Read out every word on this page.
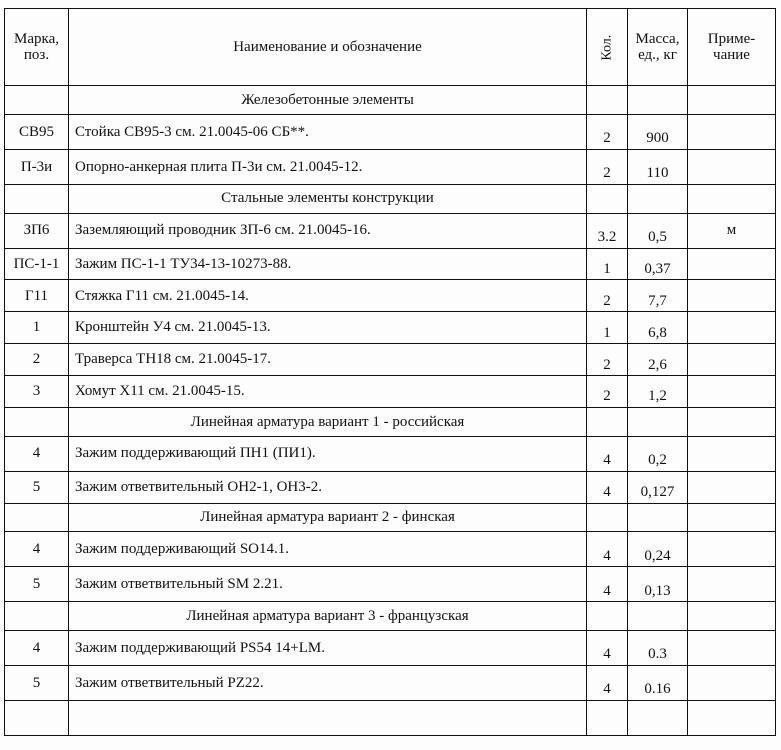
Марка, поз.	Наименование и обозначение	Кол.	Масса, ед., кг	Приме- чание
	Железобетонные элементы			
СВ95	Стойка СВ95-3 см. 21.0045-06 СБ**.	2	900	
П-3и	Опорно-анкерная плита П-3и см. 21.0045-12.	2	110	
	Стальные элементы конструкции			
ЗП6	Заземляющий проводник ЗП-6 см. 21.0045-16.	3.2	0,5	м
ПС-1-1	Зажим ПС-1-1 ТУ34-13-10273-88.	1	0,37	
Г11	Стяжка Г11 см. 21.0045-14.	2	7,7	
1	Кронштейн У4 см. 21.0045-13.	1	6,8	
2	Траверса ТН18 см. 21.0045-17.	2	2,6	
3	Хомут Х11 см. 21.0045-15.	2	1,2	
	Линейная арматура вариант 1 - российская			
4	Зажим поддерживающий ПН1 (ПИ1).	4	0,2	
5	Зажим ответвительный ОН2-1, ОН3-2.	4	0,127	
	Линейная арматура вариант 2 - финская			
4	Зажим поддерживающий SO14.1.	4	0,24	
5	Зажим ответвительный SM 2.21.	4	0,13	
	Линейная арматура вариант 3 - французская			
4	Зажим поддерживающий PS54 14+LM.	4	0.3	
5	Зажим ответвительный PZ22.	4	0.16	
